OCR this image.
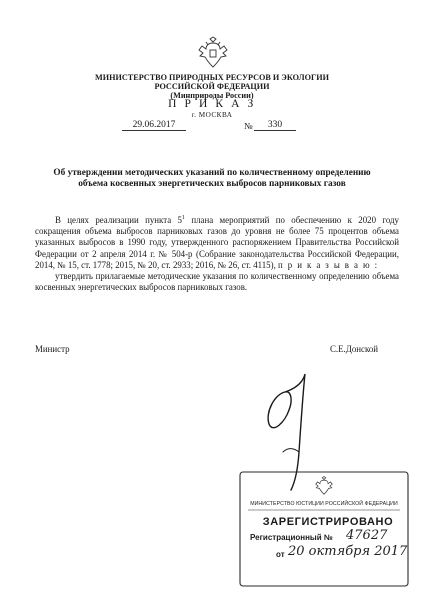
МИНИСТЕРСТВО ПРИРОДНЫХ РЕСУРСОВ И ЭКОЛОГИИ
РОССИЙСКОЙ ФЕДЕРАЦИИ
(Минприроды России)
П Р И К А З
г. МОСКВА
29.06.2017	№	330
Об утверждении методических указаний по количественному определению
объема косвенных энергетических выбросов парниковых газов

В целях реализации пункта $5^1$ плана мероприятий по обеспечению к 2020 году сокращения объема выбросов парниковых газов до уровня не более 75 процентов объема указанных выбросов в 1990 году, утвержденного распоряжением Правительства Российской Федерации от 2 апреля 2014 г. № 504-р (Собрание законодательства Российской Федерации, 2014, № 15, ст. 1778; 2015, № 20, ст. 2933; 2016, № 26, ст. 4115), п р и к а з ы в а ю :

утвердить прилагаемые методические указания по количественному определению объема косвенных энергетических выбросов парниковых газов.

Министр	С.Е.Донской
МИНИСТЕРСТВО ЮСТИЦИИ РОССИЙСКОЙ ФЕДЕРАЦИИ
ЗАРЕГИСТРИРОВАНО
Регистрационный № 47627
от 20 октября 2017
